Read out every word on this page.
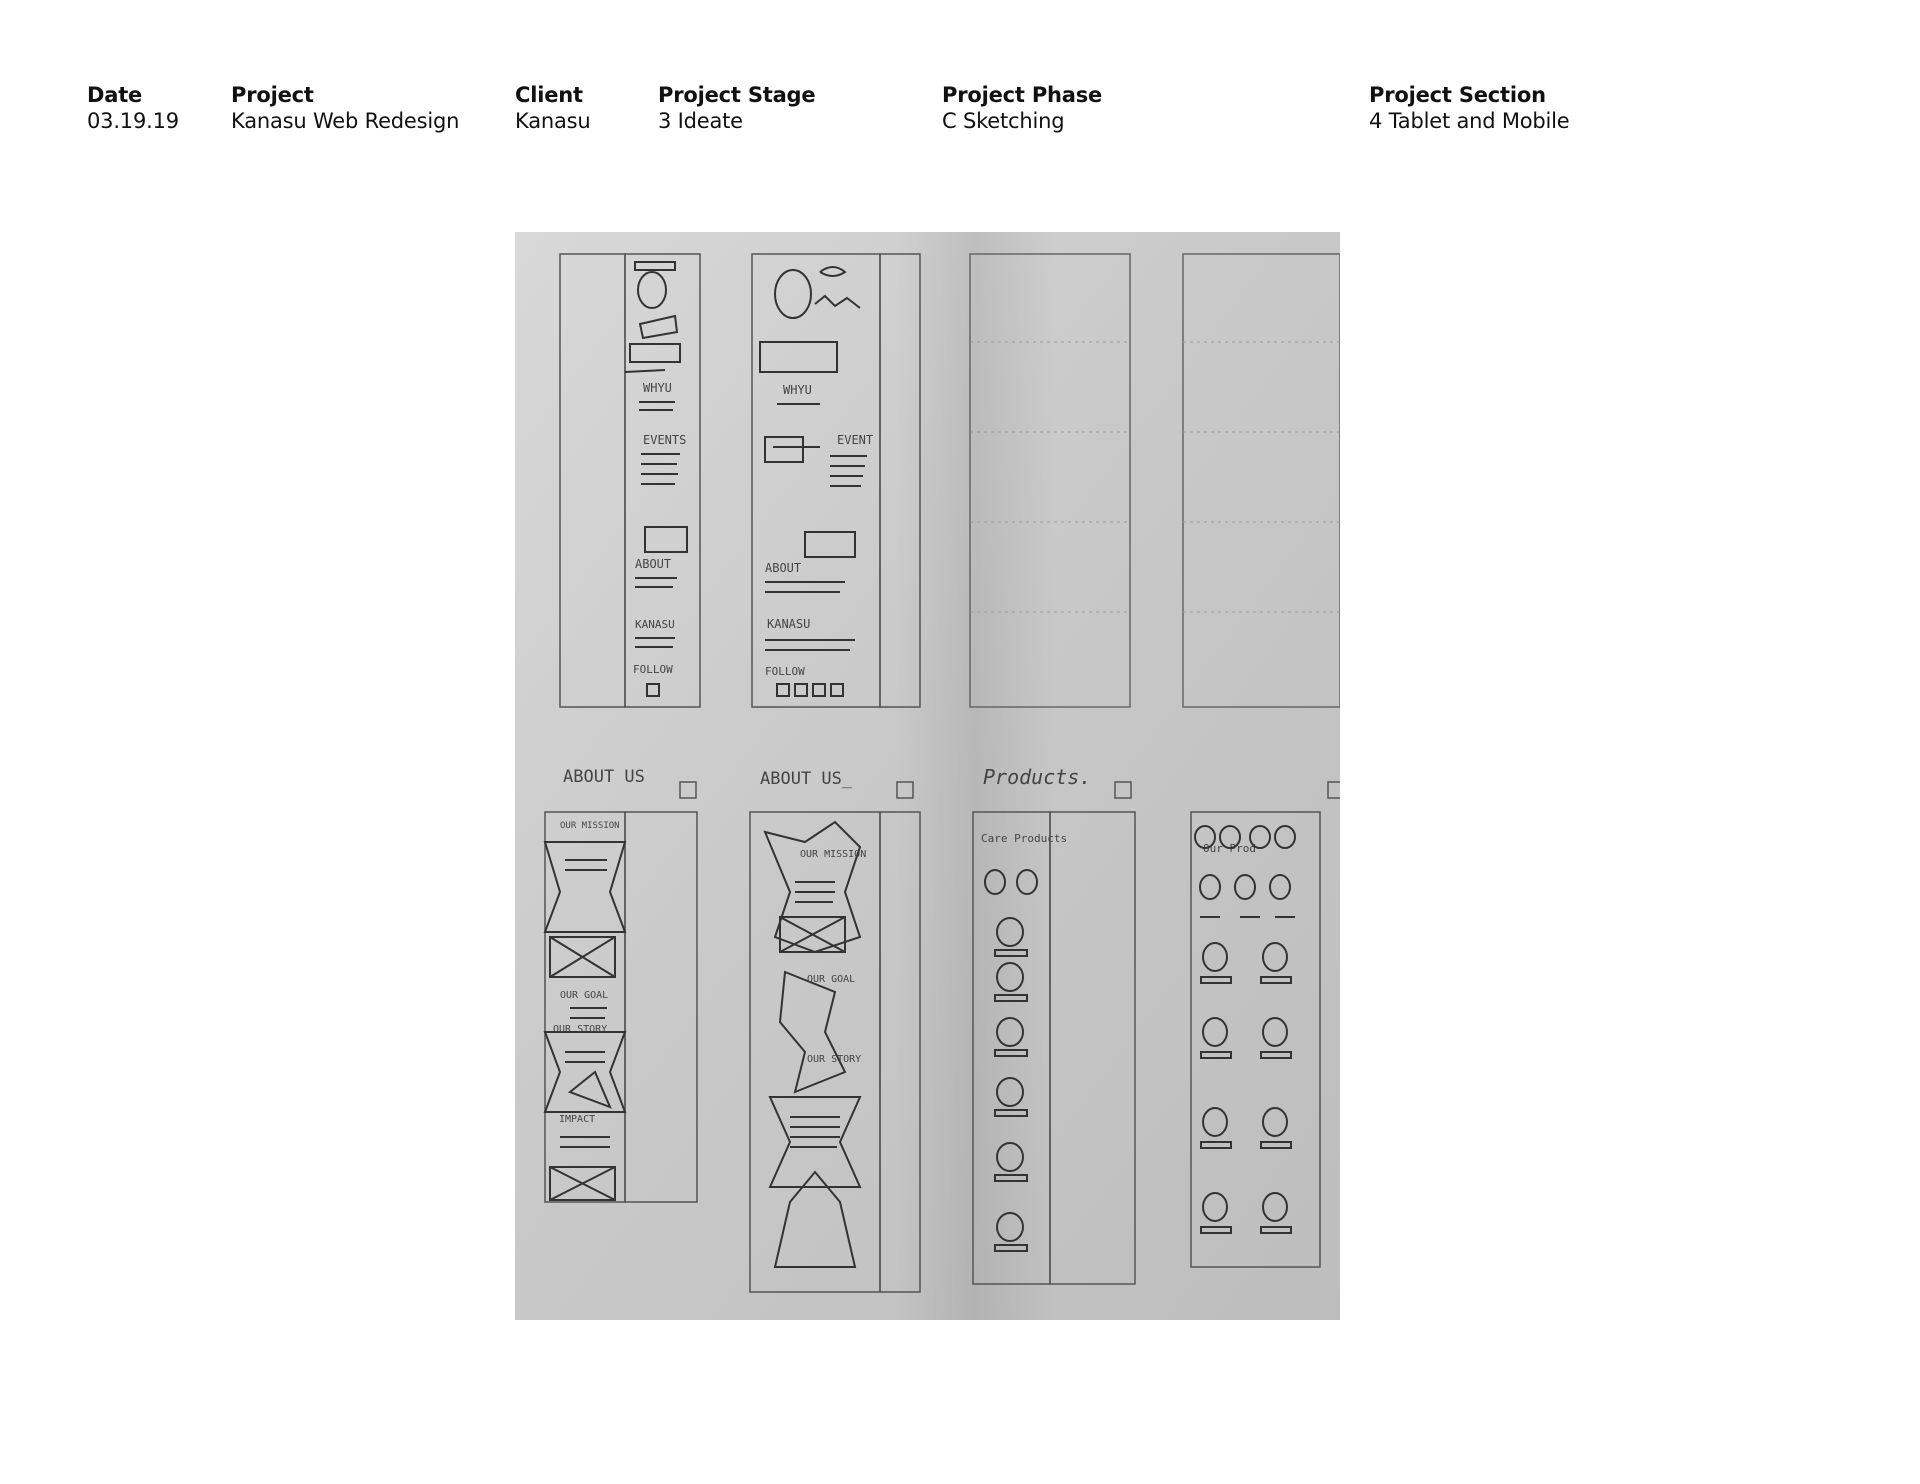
Date
03.19.19
Project
Kanasu Web Redesign
Client
Kanasu
Project Stage
3 Ideate
Project Phase
C Sketching
Project Section
4 Tablet and Mobile
WHYU
EVENTS
ABOUT
KANASU
FOLLOW
WHYU
EVENT
ABOUT
KANASU
FOLLOW
ABOUT US	ABOUT US_	Products.
OUR MISSION
OUR GOAL
OUR STORY
IMPACT
OUR MISSION
OUR GOAL
OUR STORY
Care Products
Our Prod
